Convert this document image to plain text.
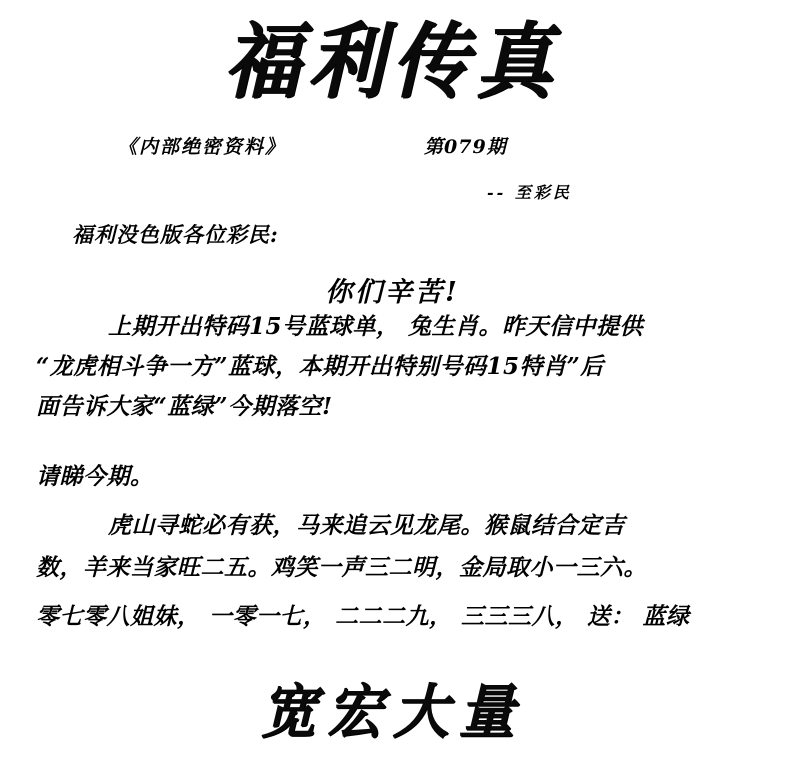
福利传真
《内部绝密资料》	第079期
-- 至彩民
福利没色版各位彩民:
你们辛苦!
上期开出特码15号蓝球单， 兔生肖。昨天信中提供
“龙虎相斗争一方”蓝球，本期开出特别号码15特肖”后
面告诉大家“蓝绿”今期落空!
请睇今期。
虎山寻蛇必有获，马来追云见龙尾。猴鼠结合定吉
数，羊来当家旺二五。鸡笑一声三二明，金局取小一三六。
零七零八姐妹， 一零一七， 二二二九， 三三三八， 送： 蓝绿
宽宏大量
